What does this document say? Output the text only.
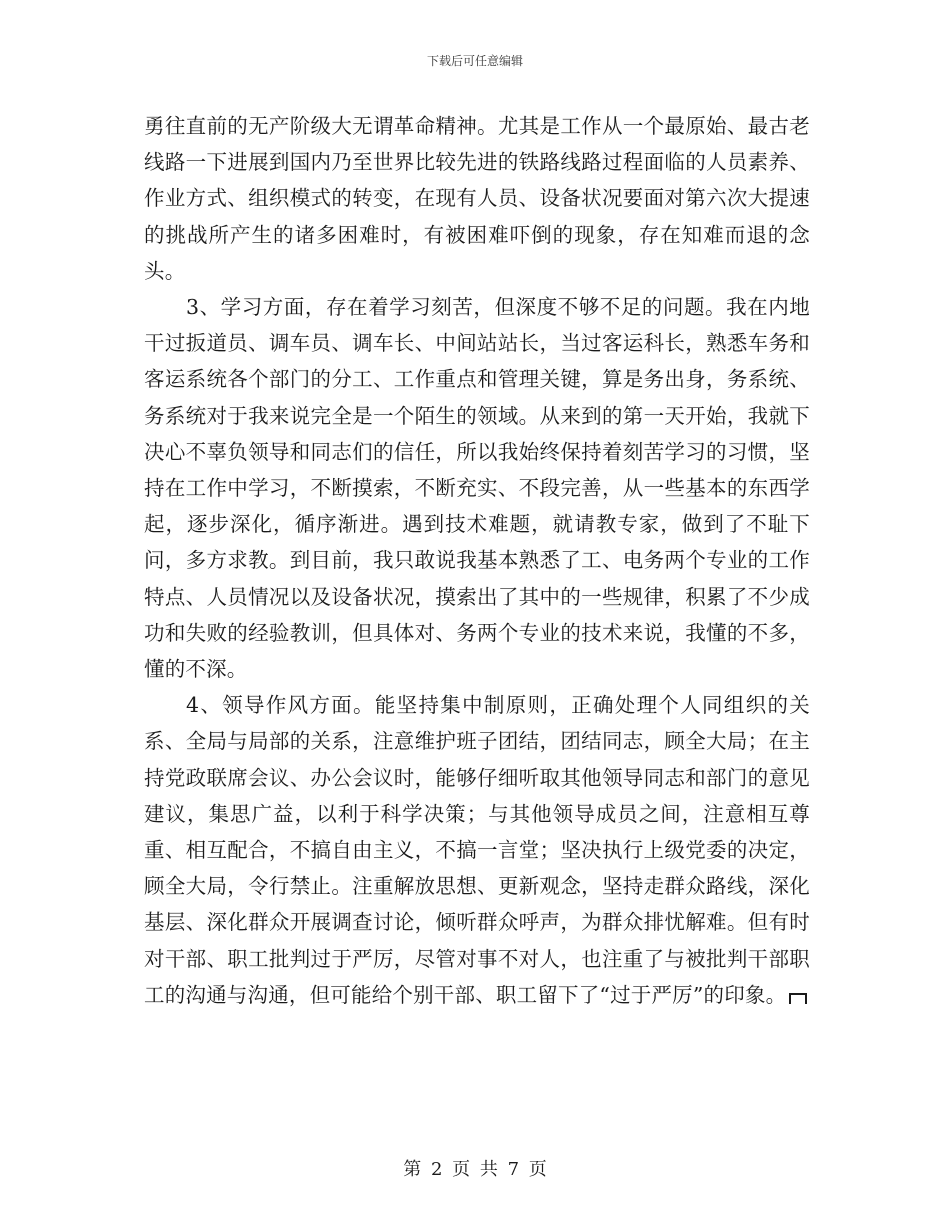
下载后可任意编辑

勇往直前的无产阶级大无谓革命精神。尤其是工作从一个最原始、最古老线路一下进展到国内乃至世界比较先进的铁路线路过程面临的人员素养、作业方式、组织模式的转变，在现有人员、设备状况要面对第六次大提速的挑战所产生的诸多困难时，有被困难吓倒的现象，存在知难而退的念头。

3、学习方面，存在着学习刻苦，但深度不够不足的问题。我在内地干过扳道员、调车员、调车长、中间站站长，当过客运科长，熟悉车务和客运系统各个部门的分工、工作重点和管理关键，算是务出身，务系统、务系统对于我来说完全是一个陌生的领域。从来到的第一天开始，我就下决心不辜负领导和同志们的信任，所以我始终保持着刻苦学习的习惯，坚持在工作中学习，不断摸索，不断充实、不段完善，从一些基本的东西学起，逐步深化，循序渐进。遇到技术难题，就请教专家，做到了不耻下问，多方求教。到目前，我只敢说我基本熟悉了工、电务两个专业的工作特点、人员情况以及设备状况，摸索出了其中的一些规律，积累了不少成功和失败的经验教训，但具体对、务两个专业的技术来说，我懂的不多，懂的不深。

4、领导作风方面。能坚持集中制原则，正确处理个人同组织的关系、全局与局部的关系，注意维护班子团结，团结同志，顾全大局；在主持党政联席会议、办公会议时，能够仔细听取其他领导同志和部门的意见建议，集思广益，以利于科学决策；与其他领导成员之间，注意相互尊重、相互配合，不搞自由主义，不搞一言堂；坚决执行上级党委的决定，顾全大局，令行禁止。注重解放思想、更新观念，坚持走群众路线，深化基层、深化群众开展调查讨论，倾听群众呼声，为群众排忧解难。但有时对干部、职工批判过于严厉，尽管对事不对人，也注重了与被批判干部职工的沟通与沟通，但可能给个别干部、职工留下了“过于严厉”的印象。

第 2 页 共 7 页
